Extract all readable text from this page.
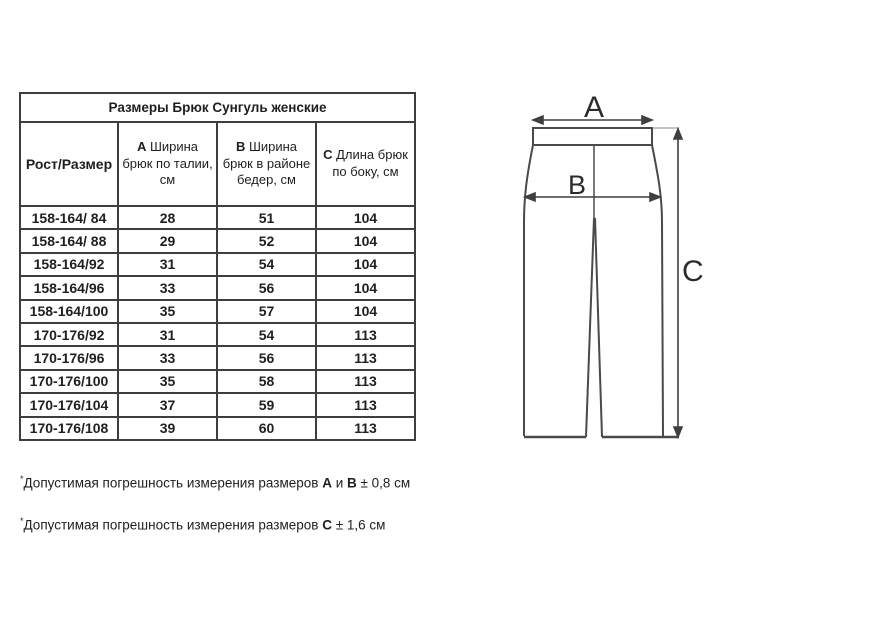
Размеры Брюк Сунгуль женские			
Рост/Размер	А Ширина брюк по талии, см	В Ширина брюк в районе бедер, см	С Длина брюк по боку, см
158-164/ 84	28	51	104
158-164/ 88	29	52	104
158-164/92	31	54	104
158-164/96	33	56	104
158-164/100	35	57	104
170-176/92	31	54	113
170-176/96	33	56	113
170-176/100	35	58	113
170-176/104	37	59	113
170-176/108	39	60	113

*Допустимая погрешность измерения размеров А и В ± 0,8 см

*Допустимая погрешность измерения размеров С ± 1,6 см

A
B
C
